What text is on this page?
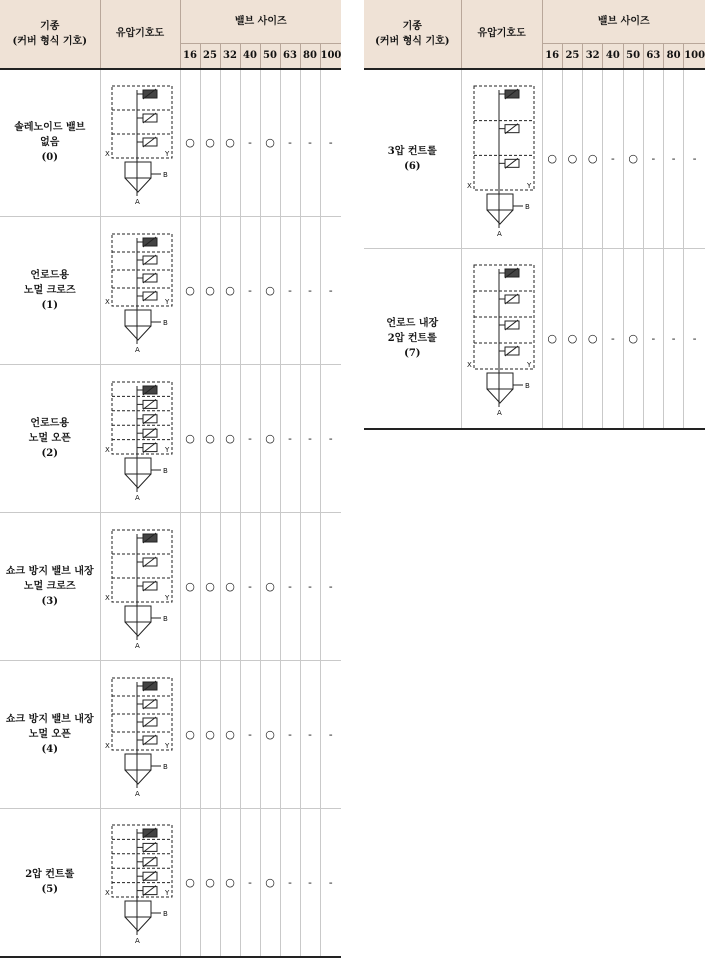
기종
(커버 형식 기호)	유압기호도	밸브 사이즈							
		16	25	32	40	50	63	80	100

솔레노이드 밸브
없음
(0)	X Y
B
A	○	○	○	-	○	-	-	-

언로드용
노멀 크로즈
(1)	X Y
B
A	○	○	○	-	○	-	-	-

언로드용
노멀 오픈
(2)	X Y
B
A	○	○	○	-	○	-	-	-

쇼크 방지 밸브 내장
노멀 크로즈
(3)	X Y
B
A	○	○	○	-	○	-	-	-

쇼크 방지 밸브 내장
노멀 오픈
(4)	X Y
B
A	○	○	○	-	○	-	-	-

2압 컨트롤
(5)	X Y
B
A	○	○	○	-	○	-	-	-
기종
(커버 형식 기호)	유압기호도	밸브 사이즈							
		16	25	32	40	50	63	80	100

3압 컨트롤
(6)	X Y
B
A	○	○	○	-	○	-	-	-

언로드 내장
2압 컨트롤
(7)	X Y
B
A	○	○	○	-	○	-	-	-
